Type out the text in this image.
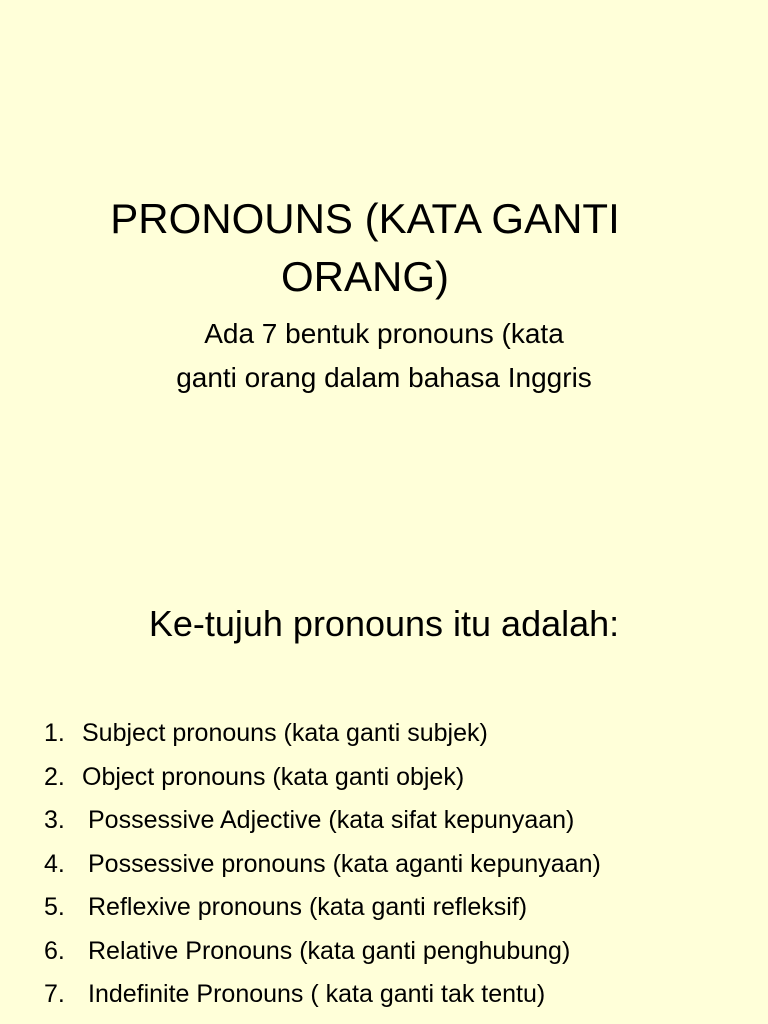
PRONOUNS (KATA GANTI
ORANG)
Ada 7 bentuk pronouns (kata
ganti orang dalam bahasa Inggris
Ke-tujuh pronouns itu adalah:
1. Subject pronouns (kata ganti subjek)
2. Object pronouns (kata ganti objek)
3. Possessive Adjective (kata sifat kepunyaan)
4. Possessive pronouns (kata aganti kepunyaan)
5. Reflexive pronouns (kata ganti refleksif)
6. Relative Pronouns (kata ganti penghubung)
7. Indefinite Pronouns ( kata ganti tak tentu)
